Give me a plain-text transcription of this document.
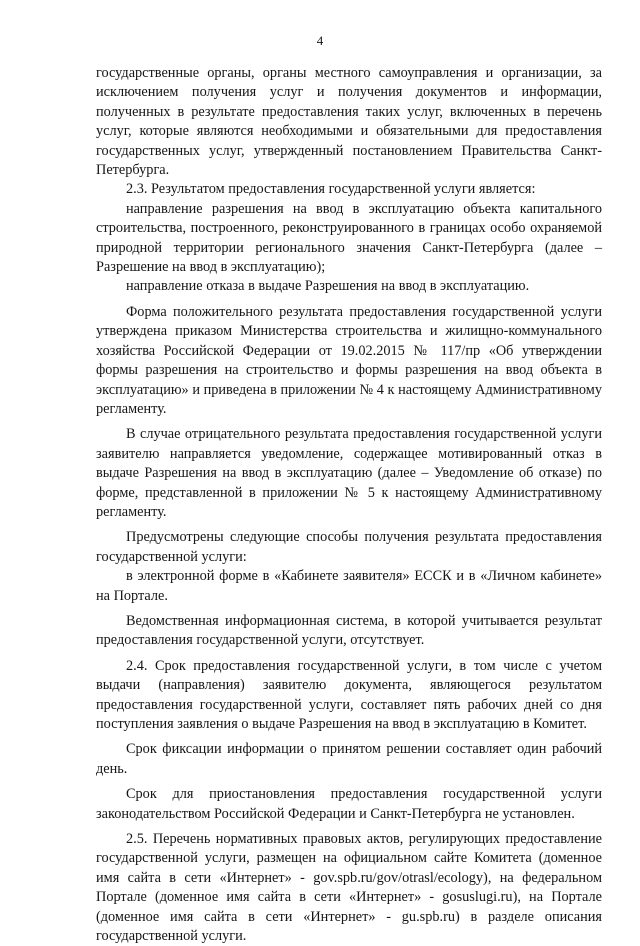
4

государственные органы, органы местного самоуправления и организации, за исключением получения услуг и получения документов и информации, полученных в результате предоставления таких услуг, включенных в перечень услуг, которые являются необходимыми и обязательными для предоставления государственных услуг, утвержденный постановлением Правительства Санкт-Петербурга.

2.3. Результатом предоставления государственной услуги является:

направление разрешения на ввод в эксплуатацию объекта капитального строительства, построенного, реконструированного в границах особо охраняемой природной территории регионального значения Санкт-Петербурга (далее – Разрешение на ввод в эксплуатацию);

направление отказа в выдаче Разрешения на ввод в эксплуатацию.

Форма положительного результата предоставления государственной услуги утверждена приказом Министерства строительства и жилищно-коммунального хозяйства Российской Федерации от 19.02.2015 № 117/пр «Об утверждении формы разрешения на строительство и формы разрешения на ввод объекта в эксплуатацию» и приведена в приложении № 4 к настоящему Административному регламенту.

В случае отрицательного результата предоставления государственной услуги заявителю направляется уведомление, содержащее мотивированный отказ в выдаче Разрешения на ввод в эксплуатацию (далее – Уведомление об отказе) по форме, представленной в приложении № 5 к настоящему Административному регламенту.

Предусмотрены следующие способы получения результата предоставления государственной услуги:

в электронной форме в «Кабинете заявителя» ЕССК и в «Личном кабинете» на Портале.

Ведомственная информационная система, в которой учитывается результат предоставления государственной услуги, отсутствует.

2.4. Срок предоставления государственной услуги, в том числе с учетом выдачи (направления) заявителю документа, являющегося результатом предоставления государственной услуги, составляет пять рабочих дней со дня поступления заявления о выдаче Разрешения на ввод в эксплуатацию в Комитет.

Срок фиксации информации о принятом решении составляет один рабочий день.

Срок для приостановления предоставления государственной услуги законодательством Российской Федерации и Санкт-Петербурга не установлен.

2.5. Перечень нормативных правовых актов, регулирующих предоставление государственной услуги, размещен на официальном сайте Комитета (доменное имя сайта в сети «Интернет» - gov.spb.ru/gov/otrasl/ecology), на федеральном Портале (доменное имя сайта в сети «Интернет» - gosuslugi.ru), на Портале (доменное имя сайта в сети «Интернет» - gu.spb.ru) в разделе описания государственной услуги.
